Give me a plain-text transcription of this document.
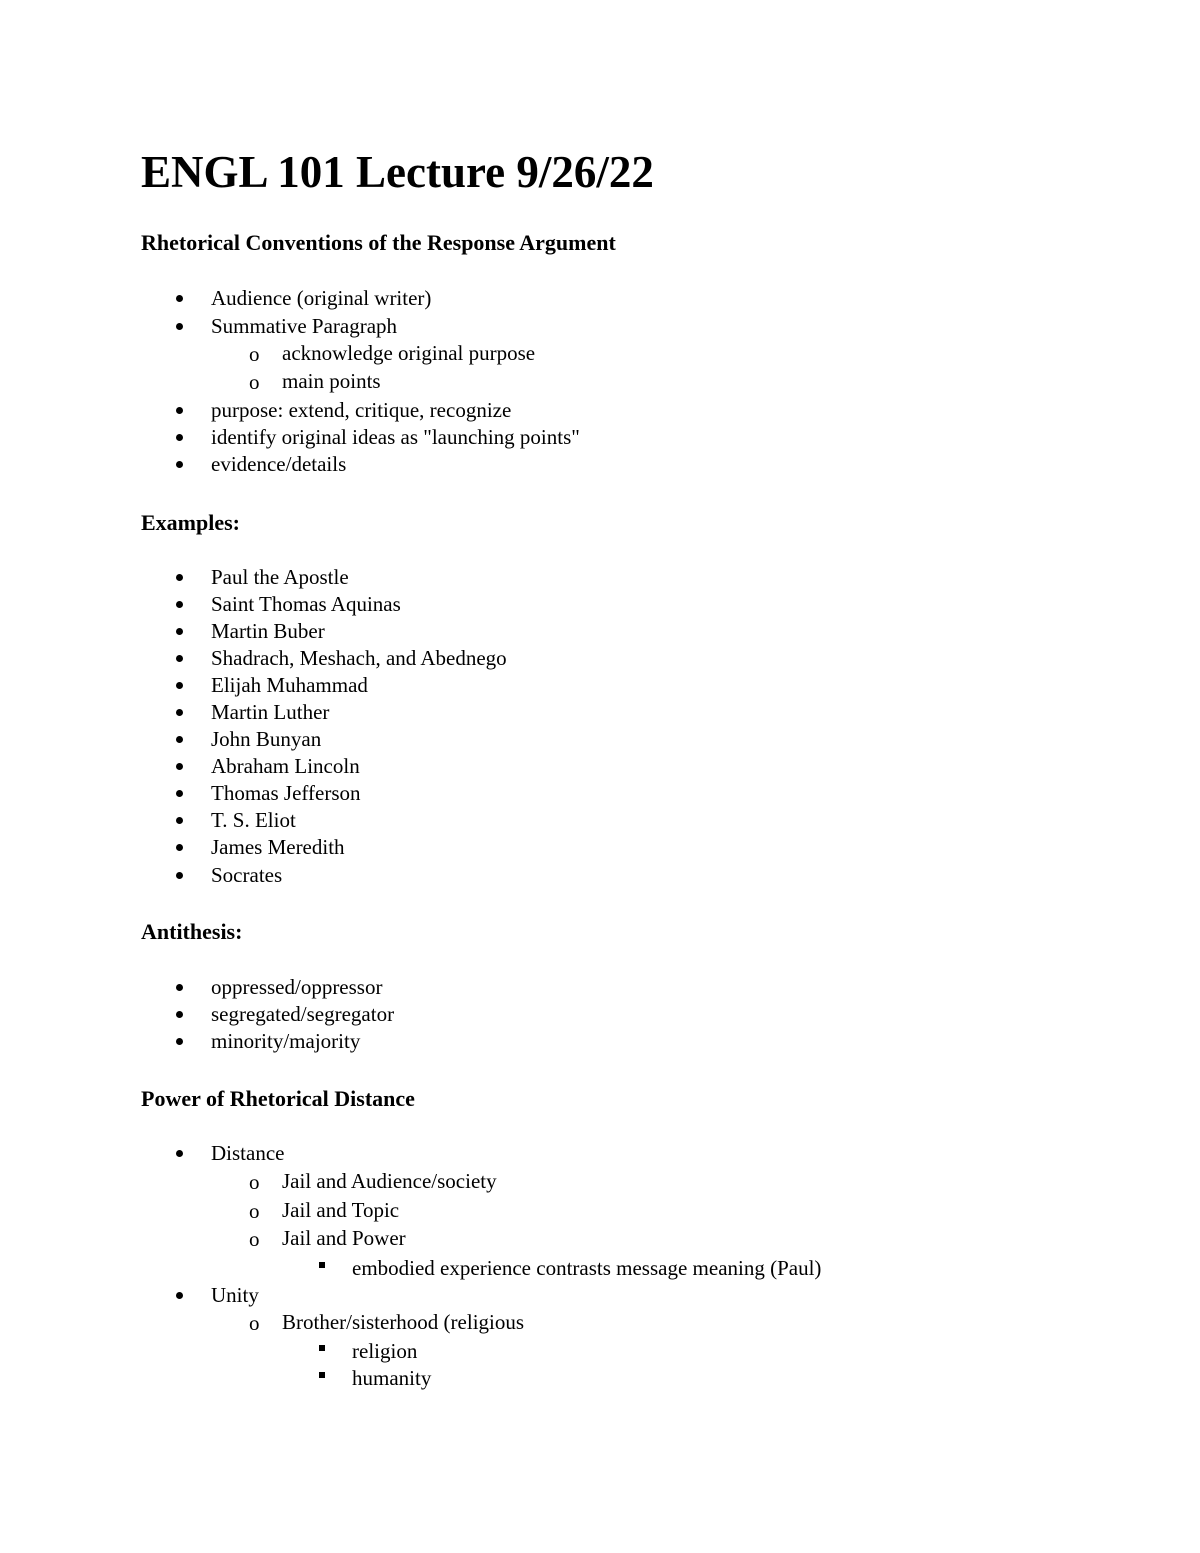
ENGL 101 Lecture 9/26/22
Rhetorical Conventions of the Response Argument

Audience (original writer)

Summative Paragraph

o acknowledge original purpose

o main points

purpose: extend, critique, recognize

identify original ideas as "launching points"

evidence/details

Examples:

Paul the Apostle

Saint Thomas Aquinas

Martin Buber

Shadrach, Meshach, and Abednego

Elijah Muhammad

Martin Luther

John Bunyan

Abraham Lincoln

Thomas Jefferson

T. S. Eliot

James Meredith

Socrates

Antithesis:

oppressed/oppressor

segregated/segregator

minority/majority

Power of Rhetorical Distance

Distance

o Jail and Audience/society

o Jail and Topic

o Jail and Power

embodied experience contrasts message meaning (Paul)

Unity

o Brother/sisterhood (religious

religion

humanity
